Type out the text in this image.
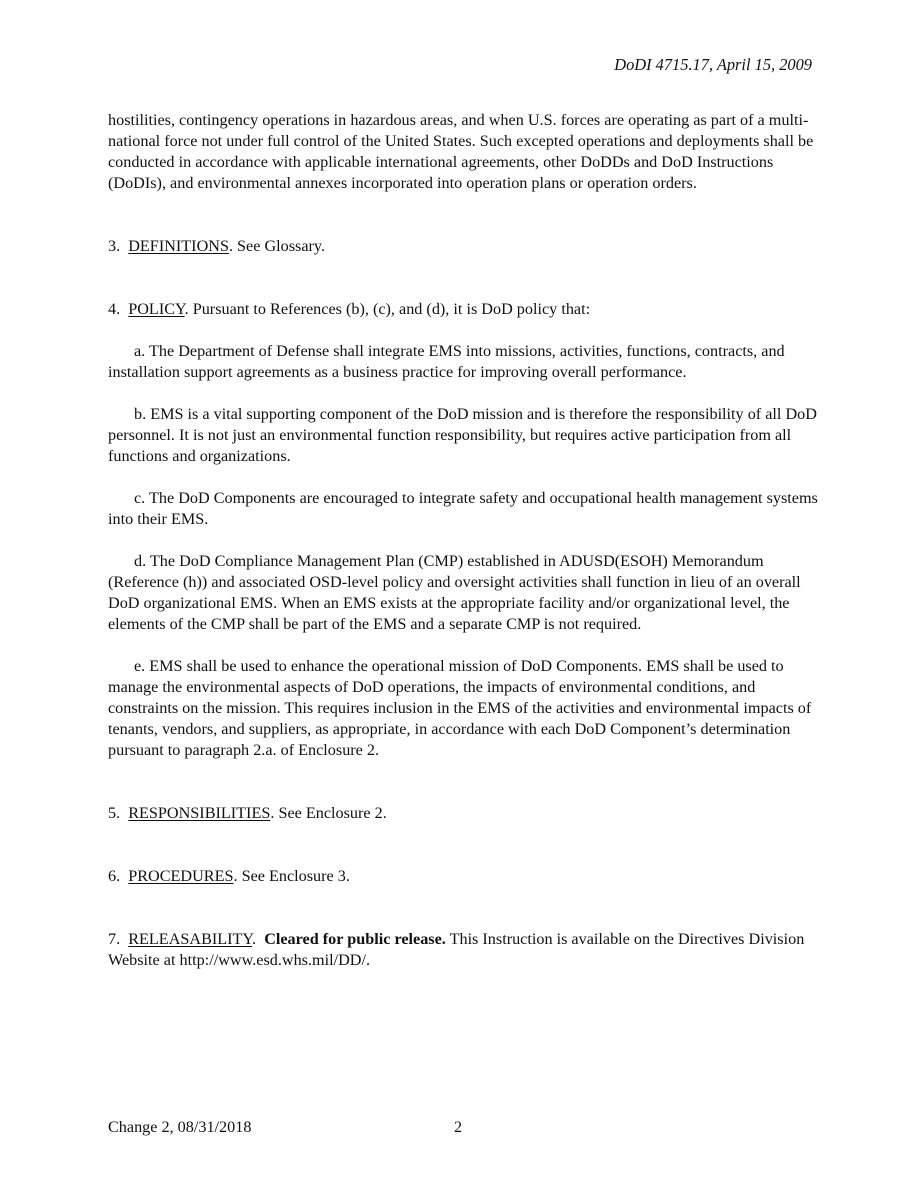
DoDI 4715.17, April 15, 2009

hostilities, contingency operations in hazardous areas, and when U.S. forces are operating as part of a multi-national force not under full control of the United States. Such excepted operations and deployments shall be conducted in accordance with applicable international agreements, other DoDDs and DoD Instructions (DoDIs), and environmental annexes incorporated into operation plans or operation orders.

3. DEFINITIONS. See Glossary.

4. POLICY. Pursuant to References (b), (c), and (d), it is DoD policy that:

a. The Department of Defense shall integrate EMS into missions, activities, functions, contracts, and installation support agreements as a business practice for improving overall performance.

b. EMS is a vital supporting component of the DoD mission and is therefore the responsibility of all DoD personnel. It is not just an environmental function responsibility, but requires active participation from all functions and organizations.

c. The DoD Components are encouraged to integrate safety and occupational health management systems into their EMS.

d. The DoD Compliance Management Plan (CMP) established in ADUSD(ESOH) Memorandum (Reference (h)) and associated OSD-level policy and oversight activities shall function in lieu of an overall DoD organizational EMS. When an EMS exists at the appropriate facility and/or organizational level, the elements of the CMP shall be part of the EMS and a separate CMP is not required.

e. EMS shall be used to enhance the operational mission of DoD Components. EMS shall be used to manage the environmental aspects of DoD operations, the impacts of environmental conditions, and constraints on the mission. This requires inclusion in the EMS of the activities and environmental impacts of tenants, vendors, and suppliers, as appropriate, in accordance with each DoD Component’s determination pursuant to paragraph 2.a. of Enclosure 2.

5. RESPONSIBILITIES. See Enclosure 2.

6. PROCEDURES. See Enclosure 3.

7. RELEASABILITY.  Cleared for public release. This Instruction is available on the Directives Division Website at http://www.esd.whs.mil/DD/.

Change 2, 08/31/2018	2
